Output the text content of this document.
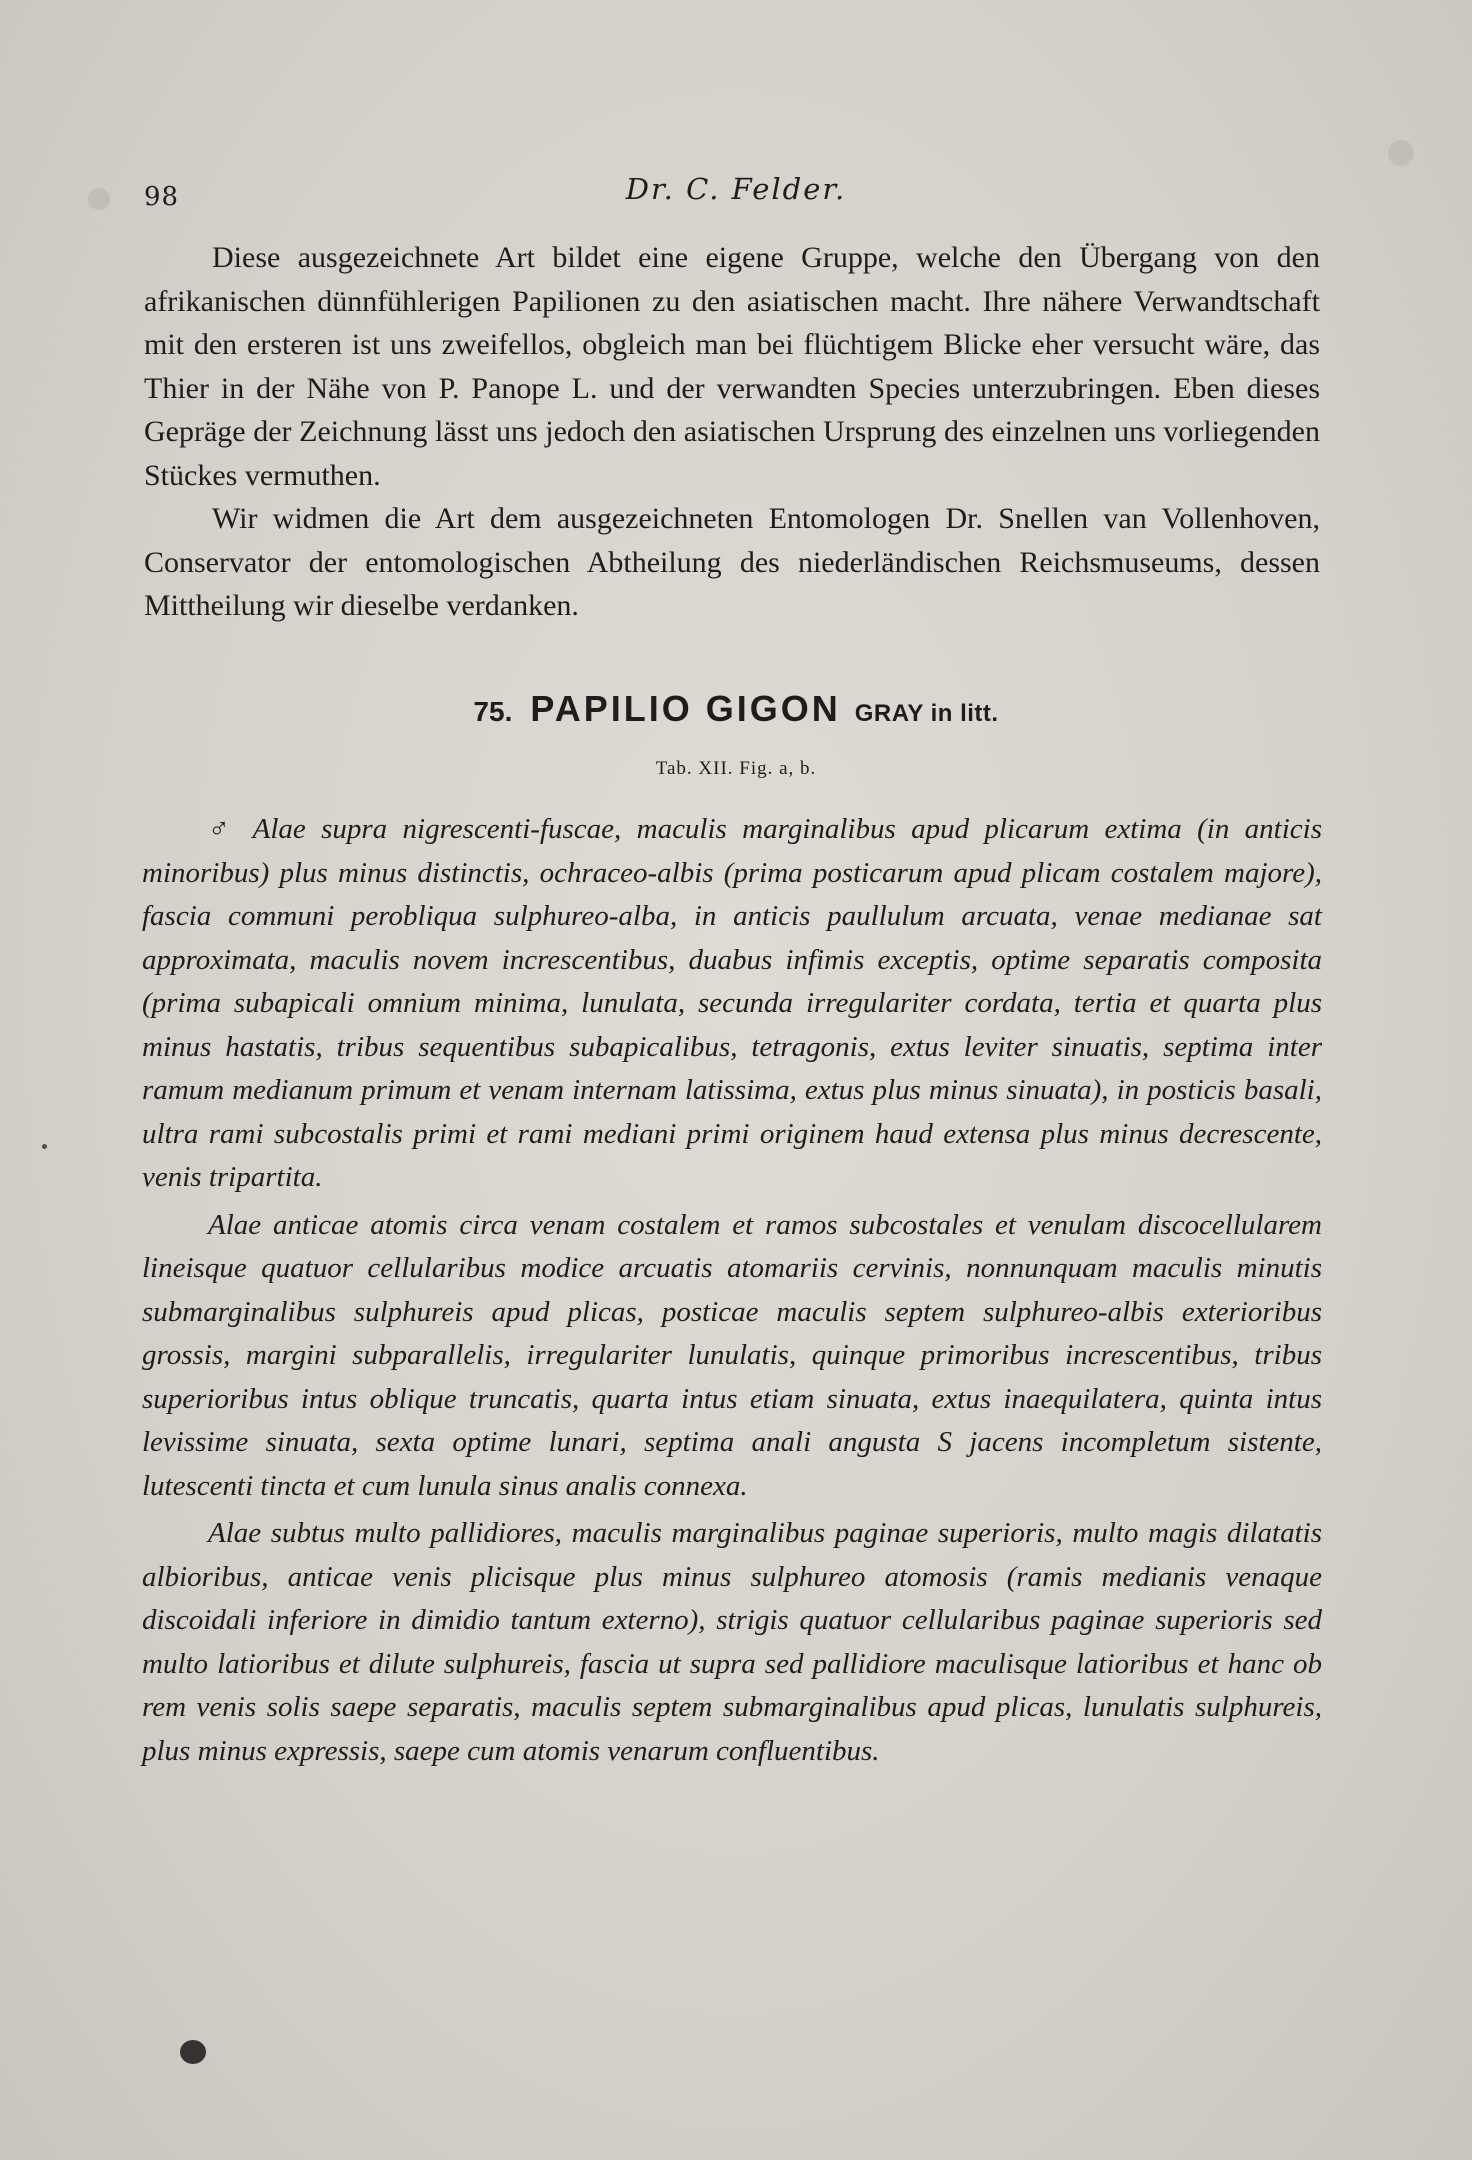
98	Dr. C. Felder.

Diese ausgezeichnete Art bildet eine eigene Gruppe, welche den Übergang von den afrikanischen dünnfühlerigen Papilionen zu den asiatischen macht. Ihre nähere Verwandtschaft mit den ersteren ist uns zweifellos, obgleich man bei flüchtigem Blicke eher versucht wäre, das Thier in der Nähe von P. Panope L. und der verwandten Species unterzubringen. Eben dieses Gepräge der Zeichnung lässt uns jedoch den asiatischen Ursprung des einzelnen uns vorliegenden Stückes vermuthen.

Wir widmen die Art dem ausgezeichneten Entomologen Dr. Snellen van Vollenhoven, Conservator der entomologischen Abtheilung des niederländischen Reichsmuseums, dessen Mittheilung wir dieselbe verdanken.

75. PAPILIO GIGON GRAY in litt.
Tab. XII. Fig. a, b.

♂ Alae supra nigrescenti-fuscae, maculis marginalibus apud plicarum extima (in anticis minoribus) plus minus distinctis, ochraceo-albis (prima posticarum apud plicam costalem majore), fascia communi perobliqua sulphureo-alba, in anticis paullulum arcuata, venae medianae sat approximata, maculis novem increscentibus, duabus infimis exceptis, optime separatis composita (prima subapicali omnium minima, lunulata, secunda irregulariter cordata, tertia et quarta plus minus hastatis, tribus sequentibus subapicalibus, tetragonis, extus leviter sinuatis, septima inter ramum medianum primum et venam internam latissima, extus plus minus sinuata), in posticis basali, ultra rami subcostalis primi et rami mediani primi originem haud extensa plus minus decrescente, venis tripartita.

Alae anticae atomis circa venam costalem et ramos subcostales et venulam discocellularem lineisque quatuor cellularibus modice arcuatis atomariis cervinis, nonnunquam maculis minutis submarginalibus sulphureis apud plicas, posticae maculis septem sulphureo-albis exterioribus grossis, margini subparallelis, irregulariter lunulatis, quinque primoribus increscentibus, tribus superioribus intus oblique truncatis, quarta intus etiam sinuata, extus inaequilatera, quinta intus levissime sinuata, sexta optime lunari, septima anali angusta S jacens incompletum sistente, lutescenti tincta et cum lunula sinus analis connexa.

Alae subtus multo pallidiores, maculis marginalibus paginae superioris, multo magis dilatatis albioribus, anticae venis plicisque plus minus sulphureo atomosis (ramis medianis venaque discoidali inferiore in dimidio tantum externo), strigis quatuor cellularibus paginae superioris sed multo latioribus et dilute sulphureis, fascia ut supra sed pallidiore maculisque latioribus et hanc ob rem venis solis saepe separatis, maculis septem submarginalibus apud plicas, lunulatis sulphureis, plus minus expressis, saepe cum atomis venarum confluentibus.
